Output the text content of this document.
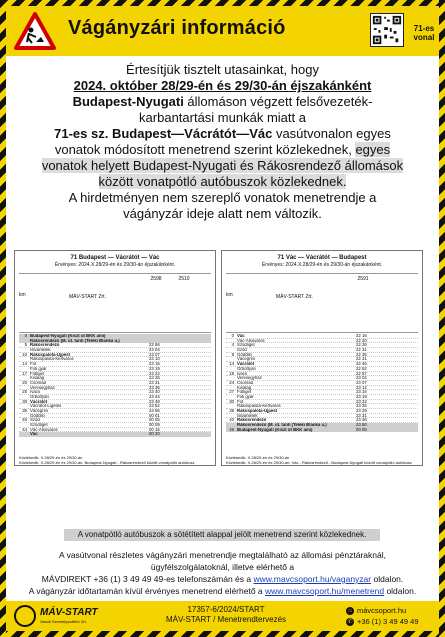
Vágányzári információ	71-es vonal
Értesítjük tisztelt utasainkat, hogy
2024. október 28/29-én és 29/30-án éjszakánként
Budapest-Nyugati állomáson végzett felsővezeték-
karbantartási munkák miatt a
71-es sz. Budapest—Vácrátót—Vác vasútvonalon egyes
vonatok módosított menetrend szerint közlekednek, egyes
vonatok helyett Budapest-Nyugati és Rákosrendező állomások
között vonatpótló autóbuszok közlekednek.
A hirdetményen nem szereplő vonatok menetrendje a
vágányzár ideje alatt nem változik.
71 Budapest — Vácrátót — Vác
Érvényes: 2024.X.28/29-én és 29/30-án éjszakánként.
km	MÁV-START Zrt.
2598	2510
0 Budapest-Nyugati (Kiszt út BKK ami)
Rákosrendező (M. ut. tanh (Teleki Blanka u.)
5 Rákosrendező	22 56
Istvántelek	23 04
10 Rákospalota-Újpest	23 07
Rákospalota-Kertváros	23 10
14 Fót	23 15
Fóti gyár	23 19
17 Fótliget	23 22
Kisalag	23 25
20 Csomád	23 31
Veresegyház	23 35
25 Ivacs	23 40
Őrbottyán	23 44
30 Vácrátót	23 48
Vácrátót-Ligetes	23 52
35 Vácegres	23 55
Gödöllő	00 01
40 Sződ	00 05
Sződliget	00 09
44 Vác-Alsóváros	00 15
Vác	00 20
Közlekedik: X.28/29-én és 29/30-án
Közlekedik: X.28/29-én és 29/30-án: Budapest-Nyugati - Rákosrendező között vonatpótló autóbusz
71 Vác — Vácrátót — Budapest
Érvényes: 2024.X.28/29-én és 29/30-án éjszakánként.
km	MÁV-START Zrt.
2591
0 Vác	22 16
Vác-Alsóváros	22 20
4 Sződliget	22 26
Sződ	22 31
9 Gödöllő	22 35
Vácegres	22 41
14 Vácrátót	22 46
Őrbottyán	22 52
19 Ivacs	22 57
Veresegyház	23 02
24 Csomád	23 07
Kisalag	23 12
27 Fótliget	23 16
Fóti gyár	23 19
30 Fót	23 22
Rákospalota-Kertváros	23 26
35 Rákospalota-Újpest	23 29
Istvántelek	23 31
40 Rákosrendező	23 36
Rákosrendező (M. ut. tanh (Teleki Blanka u.)	23 50
46 Budapest-Nyugati (Kiszt út BKK ami)	00 05
Közlekedik: X.28/29-én és 29/30-án
Közlekedik: X.28/29-én és 29/30-án: Vác - Rákosrendező - Budapest-Nyugati között vonatpótló autóbusz
A vonatpótló autóbuszok a sötétített alappal jelölt menetrend szerint közlekednek.
A vasútvonal részletes vágányzári menetrendje megtalálható az állomási pénztáraknál,
ügyfélszolgálatoknál, illetve elérhető a
MÁVDIREKT +36 (1) 3 49 49 49-es telefonszámán és a www.mavcsoport.hu/vaganyzar oldalon.
A vágányzár időtartamán kívül érvényes menetrend elérhető a www.mavcsoport.hu/menetrend oldalon.
MÁV-START
Vasúti Személyszállító Zrt.
17357-6/2024/START
MÁV-START / Menetrendtervezés
⌂ mávcsoport.hu
✆ +36 (1) 3 49 49 49
